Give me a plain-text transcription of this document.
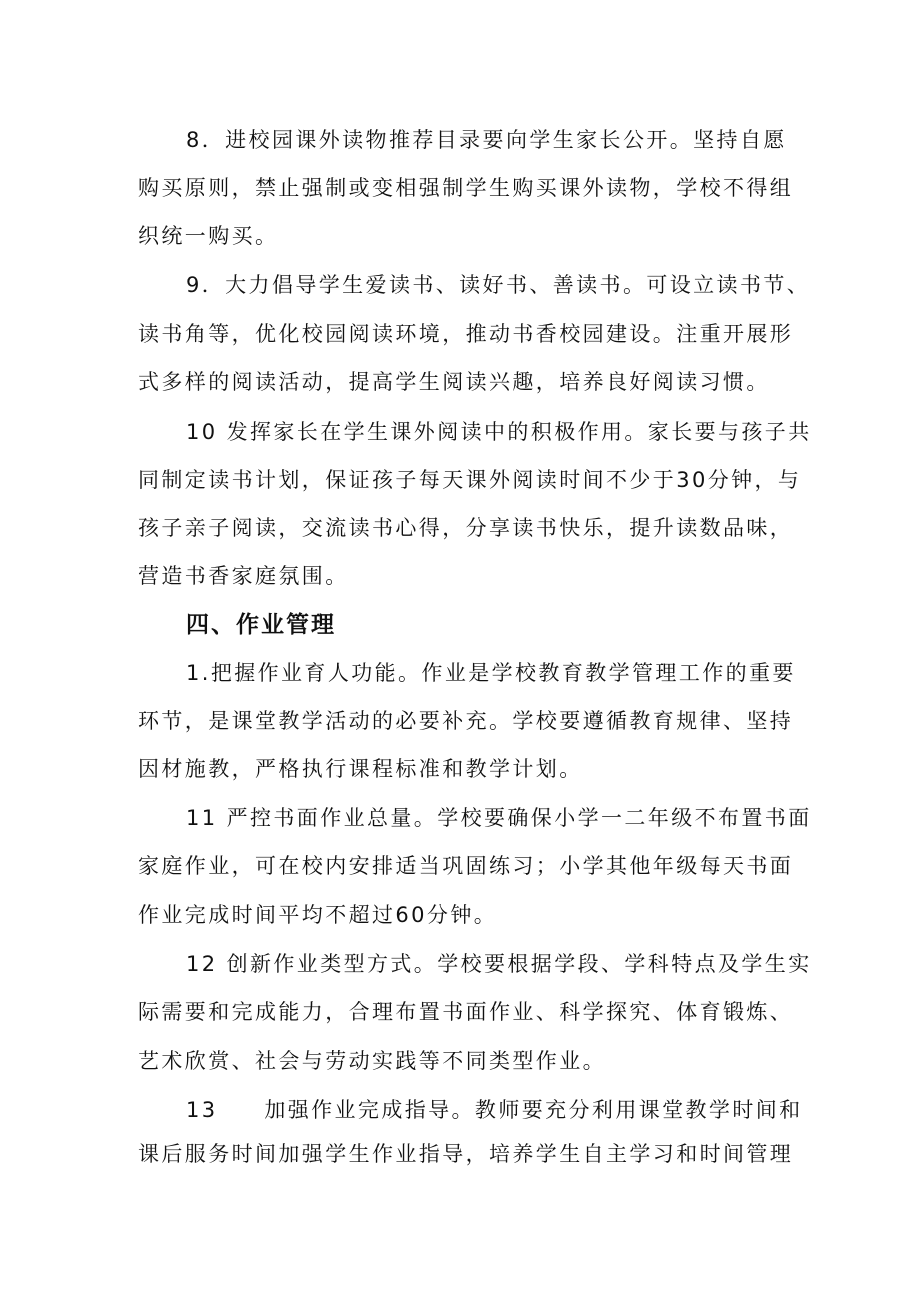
8．进校园课外读物推荐目录要向学生家长公开。坚持自愿
购买原则，禁止强制或变相强制学生购买课外读物，学校不得组
织统一购买。
9．大力倡导学生爱读书、读好书、善读书。可设立读书节、
读书角等，优化校园阅读环境，推动书香校园建设。注重开展形
式多样的阅读活动，提高学生阅读兴趣，培养良好阅读习惯。
10 发挥家长在学生课外阅读中的积极作用。家长要与孩子共
同制定读书计划，保证孩子每天课外阅读时间不少于30分钟，与
孩子亲子阅读，交流读书心得，分享读书快乐，提升读数品味，
营造书香家庭氛围。
四、作业管理
1.把握作业育人功能。作业是学校教育教学管理工作的重要
环节，是课堂教学活动的必要补充。学校要遵循教育规律、坚持
因材施教，严格执行课程标准和教学计划。
11 严控书面作业总量。学校要确保小学一二年级不布置书面
家庭作业，可在校内安排适当巩固练习；小学其他年级每天书面
作业完成时间平均不超过60分钟。
12 创新作业类型方式。学校要根据学段、学科特点及学生实
际需要和完成能力，合理布置书面作业、科学探究、体育锻炼、
艺术欣赏、社会与劳动实践等不同类型作业。
13　　加强作业完成指导。教师要充分利用课堂教学时间和
课后服务时间加强学生作业指导，培养学生自主学习和时间管理
